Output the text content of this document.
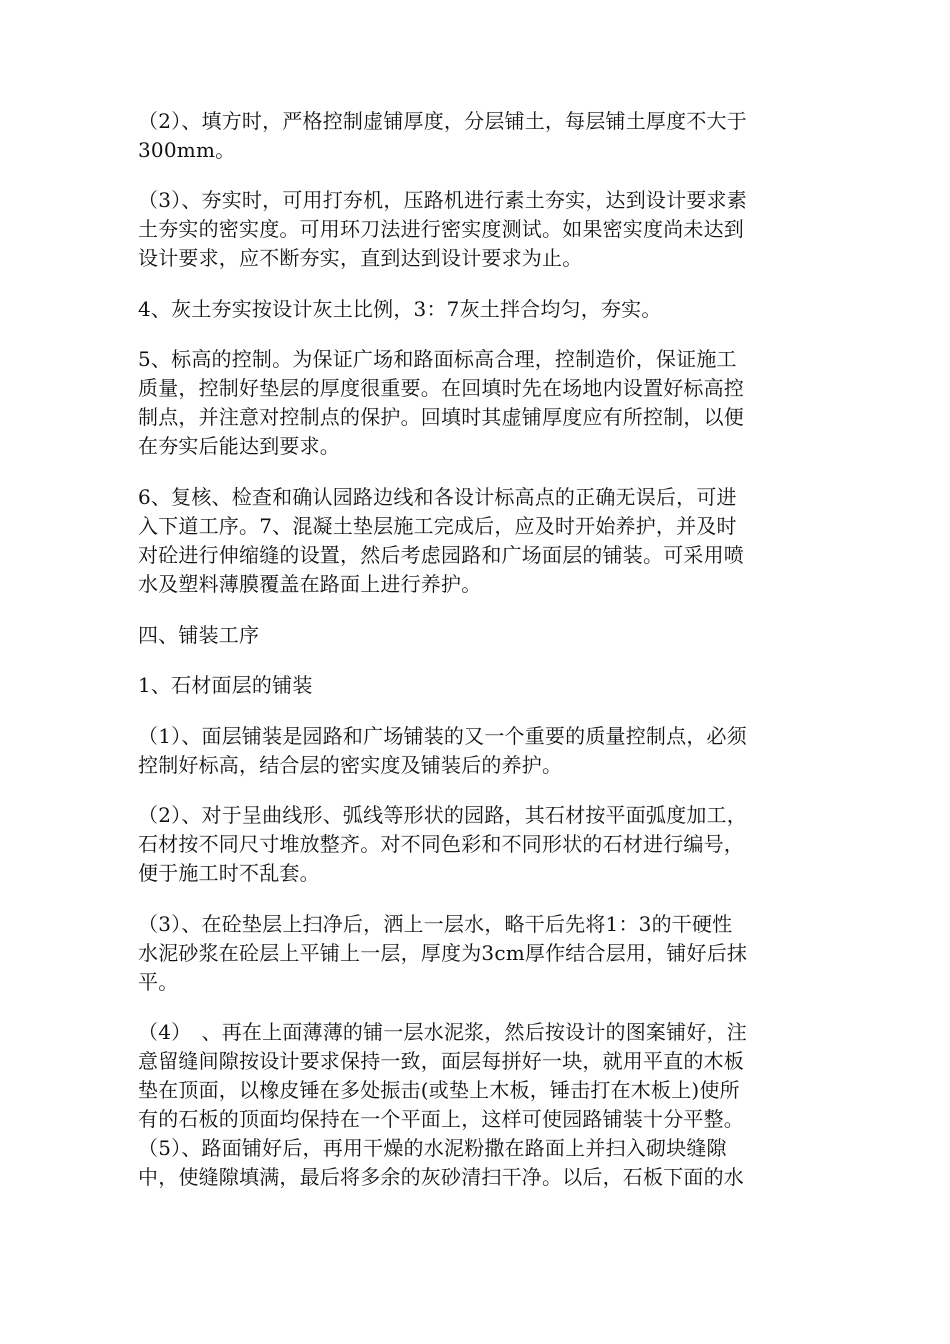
（2）、填方时，严格控制虚铺厚度，分层铺土，每层铺土厚度不大于
300mm。
（3）、夯实时，可用打夯机，压路机进行素土夯实，达到设计要求素
土夯实的密实度。可用环刀法进行密实度测试。如果密实度尚未达到
设计要求，应不断夯实，直到达到设计要求为止。
4、灰土夯实按设计灰土比例，3：7灰土拌合均匀，夯实。
5、标高的控制。为保证广场和路面标高合理，控制造价，保证施工
质量，控制好垫层的厚度很重要。在回填时先在场地内设置好标高控
制点，并注意对控制点的保护。回填时其虚铺厚度应有所控制，以便
在夯实后能达到要求。
6、复核、检查和确认园路边线和各设计标高点的正确无误后，可进
入下道工序。7、混凝土垫层施工完成后，应及时开始养护，并及时
对砼进行伸缩缝的设置，然后考虑园路和广场面层的铺装。可采用喷
水及塑料薄膜覆盖在路面上进行养护。
四、铺装工序
1、石材面层的铺装
（1）、面层铺装是园路和广场铺装的又一个重要的质量控制点，必须
控制好标高，结合层的密实度及铺装后的养护。
（2）、对于呈曲线形、弧线等形状的园路，其石材按平面弧度加工，
石材按不同尺寸堆放整齐。对不同色彩和不同形状的石材进行编号，
便于施工时不乱套。
（3）、在砼垫层上扫净后，洒上一层水，略干后先将1：3的干硬性
水泥砂浆在砼层上平铺上一层，厚度为3cm厚作结合层用，铺好后抹
平。
（4）　、再在上面薄薄的铺一层水泥浆，然后按设计的图案铺好，注
意留缝间隙按设计要求保持一致，面层每拼好一块，就用平直的木板
垫在顶面，以橡皮锤在多处振击(或垫上木板，锤击打在木板上)使所
有的石板的顶面均保持在一个平面上，这样可使园路铺装十分平整。
（5）、路面铺好后，再用干燥的水泥粉撒在路面上并扫入砌块缝隙
中，使缝隙填满，最后将多余的灰砂清扫干净。以后，石板下面的水
